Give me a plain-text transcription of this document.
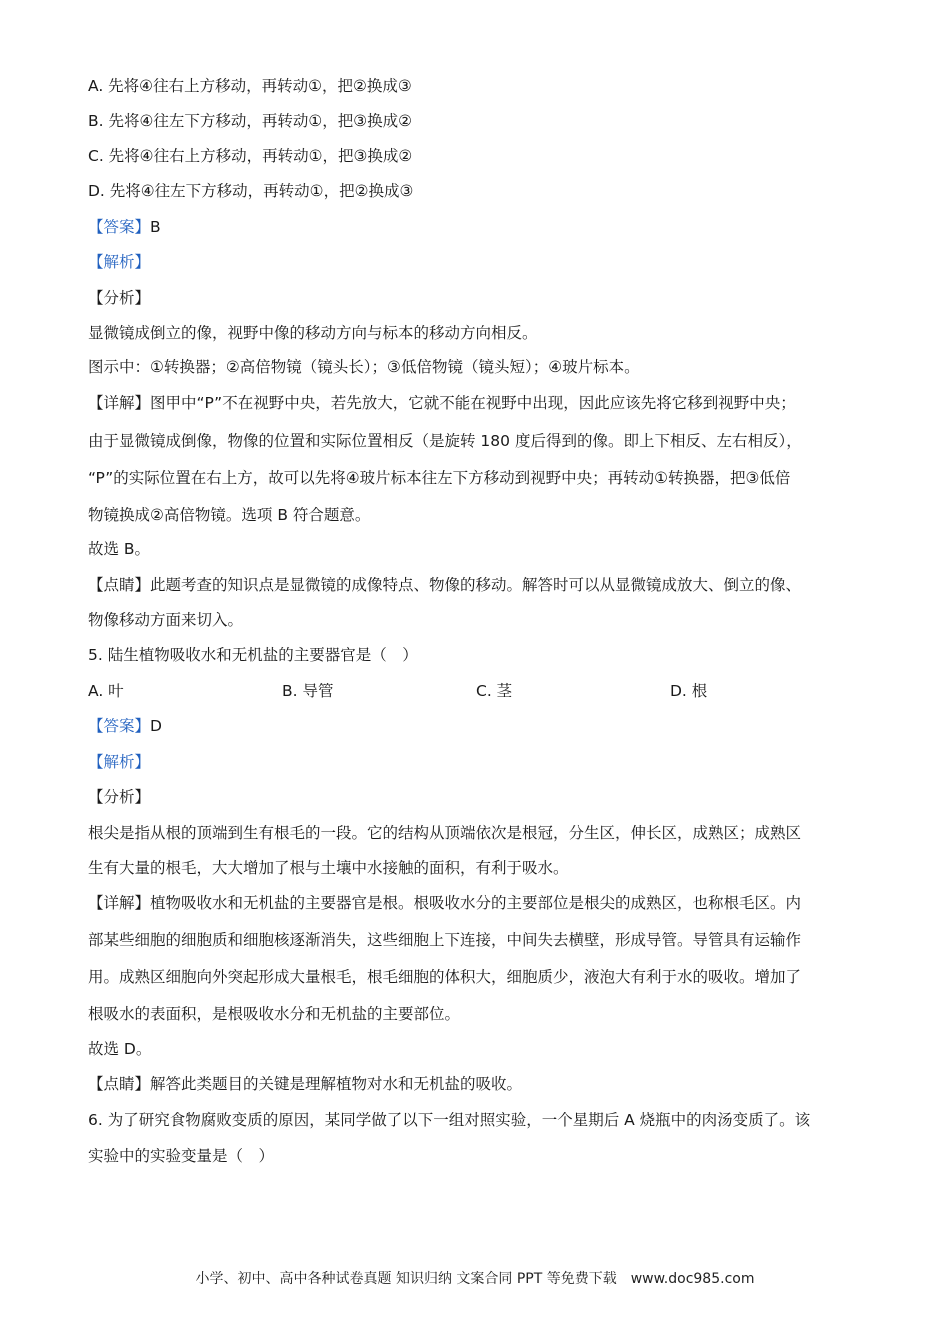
A. 先将④往右上方移动，再转动①，把②换成③
B. 先将④往左下方移动，再转动①，把③换成②
C. 先将④往右上方移动，再转动①，把③换成②
D. 先将④往左下方移动，再转动①，把②换成③
【答案】B
【解析】
【分析】
显微镜成倒立的像，视野中像的移动方向与标本的移动方向相反。
图示中：①转换器；②高倍物镜（镜头长）；③低倍物镜（镜头短）；④玻片标本。
【详解】图甲中“P”不在视野中央，若先放大，它就不能在视野中出现，因此应该先将它移到视野中央；
由于显微镜成倒像，物像的位置和实际位置相反（是旋转 180 度后得到的像。即上下相反、左右相反），
“P”的实际位置在右上方，故可以先将④玻片标本往左下方移动到视野中央；再转动①转换器，把③低倍
物镜换成②高倍物镜。选项 B 符合题意。
故选 B。
【点睛】此题考查的知识点是显微镜的成像特点、物像的移动。解答时可以从显微镜成放大、倒立的像、
物像移动方面来切入。
5. 陆生植物吸收水和无机盐的主要器官是（　）
A. 叶	B. 导管	C. 茎	D. 根
【答案】D
【解析】
【分析】
根尖是指从根的顶端到生有根毛的一段。它的结构从顶端依次是根冠，分生区，伸长区，成熟区；成熟区
生有大量的根毛，大大增加了根与土壤中水接触的面积，有利于吸水。
【详解】植物吸收水和无机盐的主要器官是根。根吸收水分的主要部位是根尖的成熟区，也称根毛区。内
部某些细胞的细胞质和细胞核逐渐消失，这些细胞上下连接，中间失去横壁，形成导管。导管具有运输作
用。成熟区细胞向外突起形成大量根毛，根毛细胞的体积大，细胞质少，液泡大有利于水的吸收。增加了
根吸水的表面积，是根吸收水分和无机盐的主要部位。
故选 D。
【点睛】解答此类题目的关键是理解植物对水和无机盐的吸收。
6. 为了研究食物腐败变质的原因，某同学做了以下一组对照实验，一个星期后 A 烧瓶中的肉汤变质了。该
实验中的实验变量是（　）
小学、初中、高中各种试卷真题 知识归纳 文案合同 PPT 等免费下载　www.doc985.com
